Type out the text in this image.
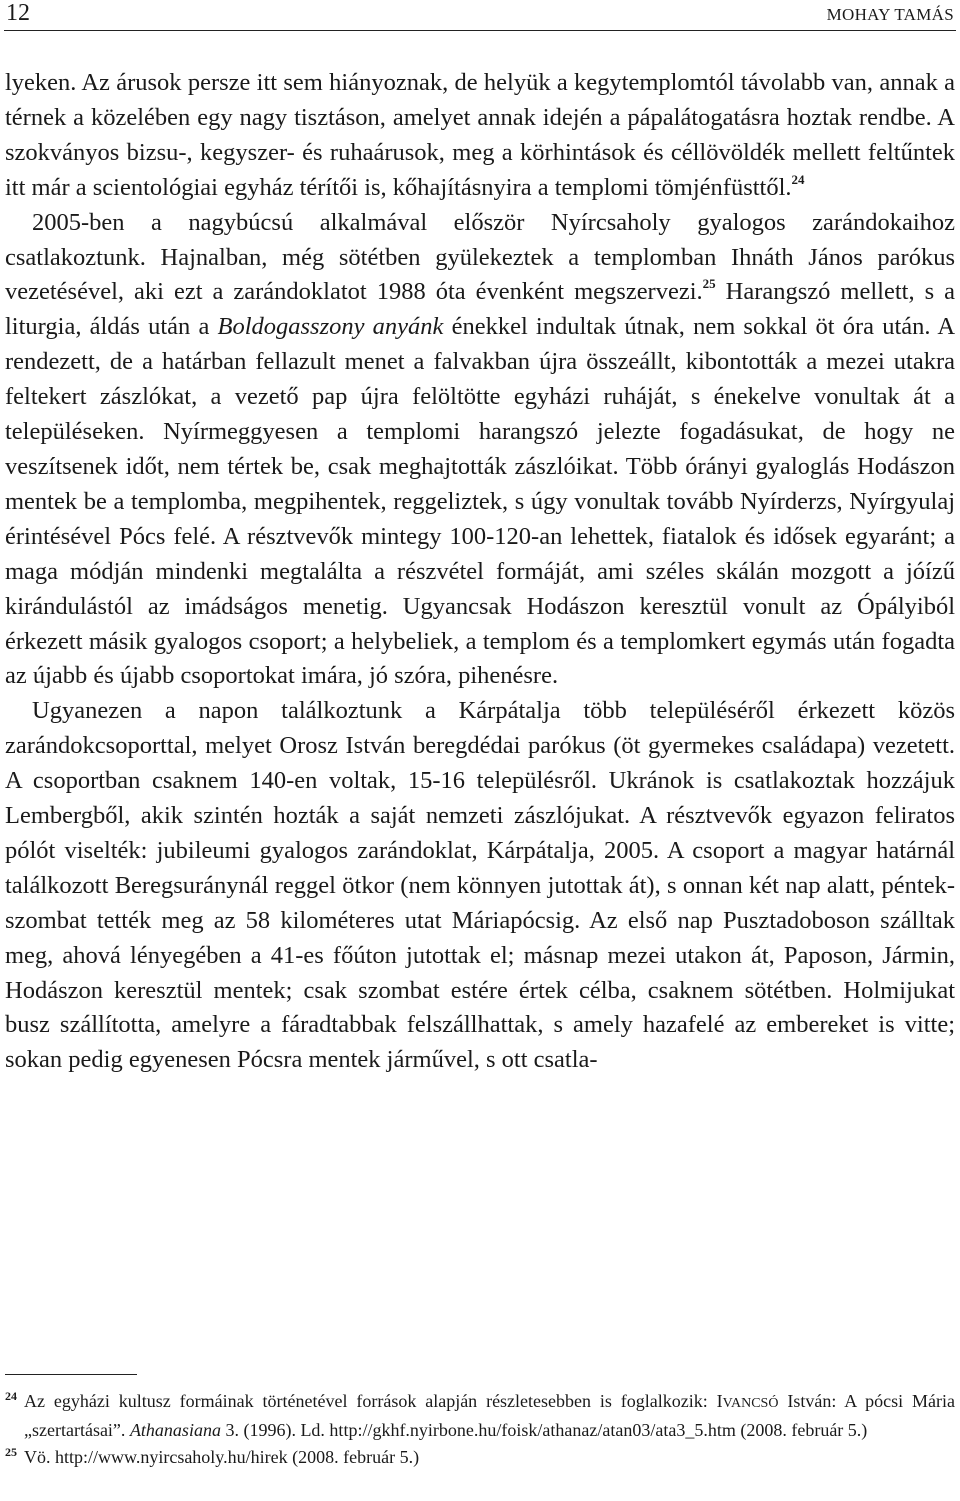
12	MOHAY TAMÁS

lyeken. Az árusok persze itt sem hiányoznak, de helyük a kegytemplomtól távolabb van, annak a térnek a közelében egy nagy tisztáson, amelyet annak idején a pápalátogatásra hoztak rendbe. A szokványos bizsu-, kegyszer- és ruhaárusok, meg a körhintások és céllövöldék mellett feltűntek itt már a scientológiai egyház térítői is, kőhajításnyira a templomi tömjénfüsttől.$^{24}$

2005-ben a nagybúcsú alkalmával először Nyírcsaholy gyalogos zarándokaihoz csatlakoztunk. Hajnalban, még sötétben gyülekeztek a templomban Ihnáth János parókus vezetésével, aki ezt a zarándoklatot 1988 óta évenként megszervezi.$^{25}$ Harangszó mellett, s a liturgia, áldás után a Boldogasszony anyánk énekkel indultak útnak, nem sokkal öt óra után. A rendezett, de a határban fellazult menet a falvakban újra összeállt, kibontották a mezei utakra feltekert zászlókat, a vezető pap újra felöltötte egyházi ruháját, s énekelve vonultak át a településeken. Nyírmeggyesen a templomi harangszó jelezte fogadásukat, de hogy ne veszítsenek időt, nem tértek be, csak meghajtották zászlóikat. Több órányi gyaloglás Hodászon mentek be a templomba, megpihentek, reggeliztek, s úgy vonultak tovább Nyírderzs, Nyírgyulaj érintésével Pócs felé. A résztvevők mintegy 100-120-an lehettek, fiatalok és idősek egyaránt; a maga módján mindenki megtalálta a részvétel formáját, ami széles skálán mozgott a jóízű kirándulástól az imádságos menetig. Ugyancsak Hodászon keresztül vonult az Ópályiból érkezett másik gyalogos csoport; a helybeliek, a templom és a templomkert egymás után fogadta az újabb és újabb csoportokat imára, jó szóra, pihenésre.

Ugyanezen a napon találkoztunk a Kárpátalja több településéről érkezett közös zarándokcsoporttal, melyet Orosz István beregdédai parókus (öt gyermekes családapa) vezetett. A csoportban csaknem 140-en voltak, 15-16 településről. Ukránok is csatlakoztak hozzájuk Lembergből, akik szintén hozták a saját nemzeti zászlójukat. A résztvevők egyazon feliratos pólót viselték: jubileumi gyalogos zarándoklat, Kárpátalja, 2005. A csoport a magyar határnál találkozott Beregsuránynál reggel ötkor (nem könnyen jutottak át), s onnan két nap alatt, péntek-szombat tették meg az 58 kilométeres utat Máriapócsig. Az első nap Pusztadoboson szálltak meg, ahová lényegében a 41-es főúton jutottak el; másnap mezei utakon át, Paposon, Jármin, Hodászon keresztül mentek; csak szombat estére értek célba, csaknem sötétben. Holmijukat busz szállította, amelyre a fáradtabbak felszállhattak, s amely hazafelé az embereket is vitte; sokan pedig egyenesen Pócsra mentek járművel, s ott csatla-

24 Az egyházi kultusz formáinak történetével források alapján részletesebben is foglalkozik: IVANCSÓ István: A pócsi Mária „szertartásai”. Athanasiana 3. (1996). Ld. http://gkhf.nyirbone.hu/foisk/athanaz/atan03/ata3_5.htm (2008. február 5.)
25 Vö. http://www.nyircsaholy.hu/hirek (2008. február 5.)
